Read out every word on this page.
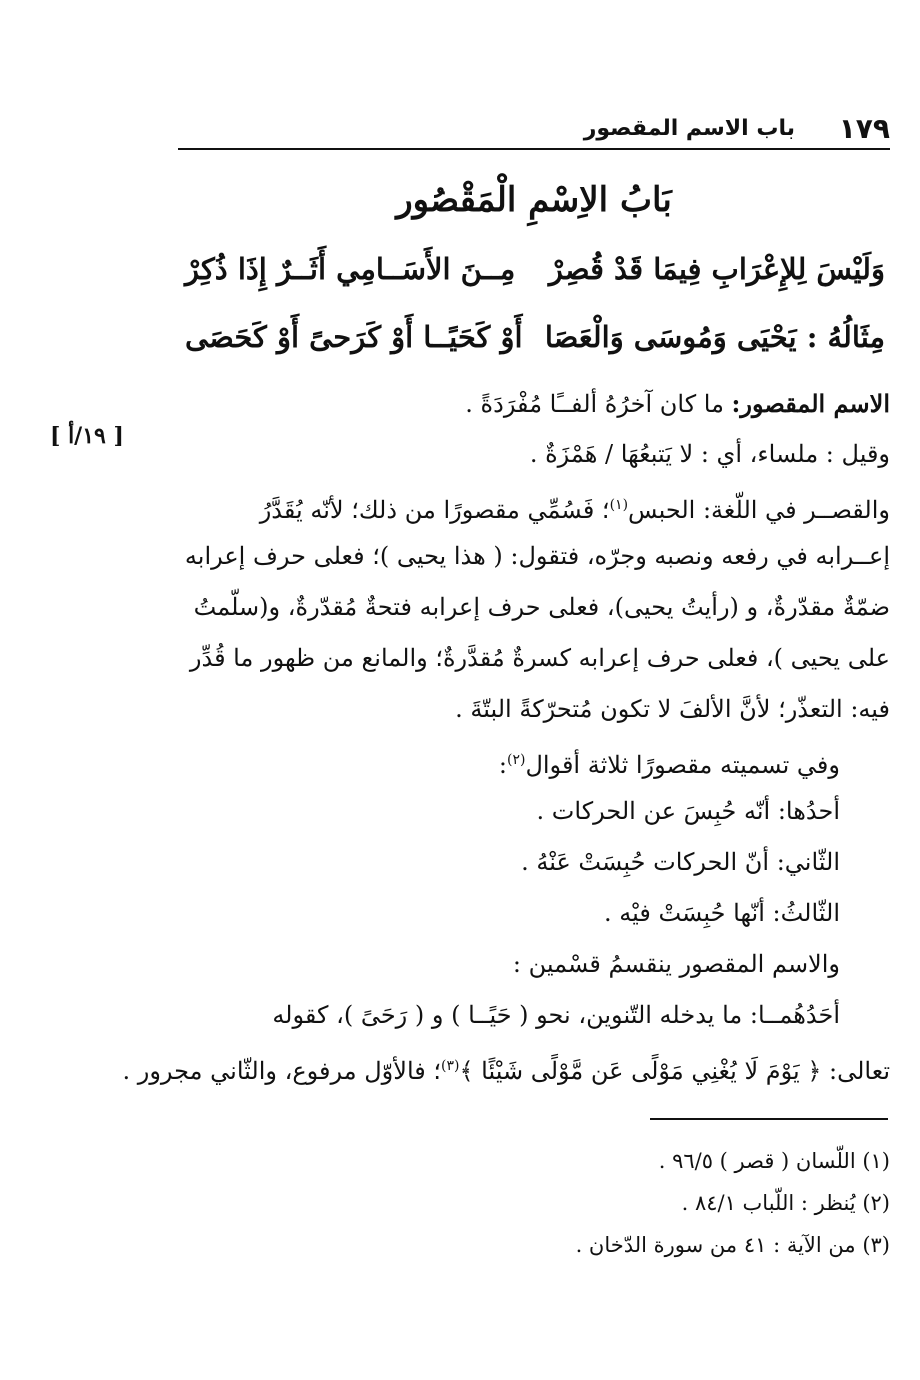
١٧٩
باب الاسم المقصور
بَابُ الاِسْمِ الْمَقْصُور
وَلَيْسَ لِلإِعْرَابِ فِيمَا قَدْ قُصِرْ
مِــنَ الأَسَــامِي أَثَــرٌ إِذَا ذُكِرْ
مِثَالُهُ : يَحْيَى وَمُوسَى وَالْعَصَا
أَوْ كَحَيًــا أَوْ كَرَحىً أَوْ كَحَصَى
[ ١٩/أ ]
الاسم المقصور: ما كان آخرُهُ ألفــًا مُفْرَدَةً .
وقيل : ملساء، أي : لا يَتبعُهَا / هَمْزَةٌ .
والقصــر في اللّغة: الحبس$^{(١)}$؛ فَسُمِّي مقصورًا من ذلك؛ لأنّه يُقَدَّرُ
إعــرابه في رفعه ونصبه وجرّه، فتقول: ( هذا يحيى )؛ فعلى حرف إعرابه
ضمّةٌ مقدّرةٌ، و (رأيتُ يحيى)، فعلى حرف إعرابه فتحةٌ مُقدّرةٌ، و(سلّمتُ
على يحيى )، فعلى حرف إعرابه كسرةٌ مُقدَّرةٌ؛ والمانع من ظهور ما قُدِّر
فيه: التعذّر؛ لأنَّ الألفَ لا تكون مُتحرّكةً البتّةَ .
وفي تسميته مقصورًا ثلاثة أقوال$^{(٢)}$:
أحدُها: أنّه حُبِسَ عن الحركات .
الثّاني: أنّ الحركات حُبِسَتْ عَنْهُ .
الثّالثُ: أنّها حُبِسَتْ فيْه .
والاسم المقصور ينقسمُ قسْمين :
أحَدُهُمــا: ما يدخله التّنوين، نحو ( حَيًــا ) و ( رَحَىً )، كقوله
تعالى: ﴿ يَوْمَ لَا يُغْنِي مَوْلًى عَن مَّوْلًى شَيْئًا ﴾$^{(٣)}$؛ فالأوّل مرفوع، والثّاني مجرور .
(١) اللّسان ( قصر ) ٩٦/٥ .
(٢) يُنظر : اللّباب ٨٤/١ .
(٣) من الآية : ٤١ من سورة الدّخان .
